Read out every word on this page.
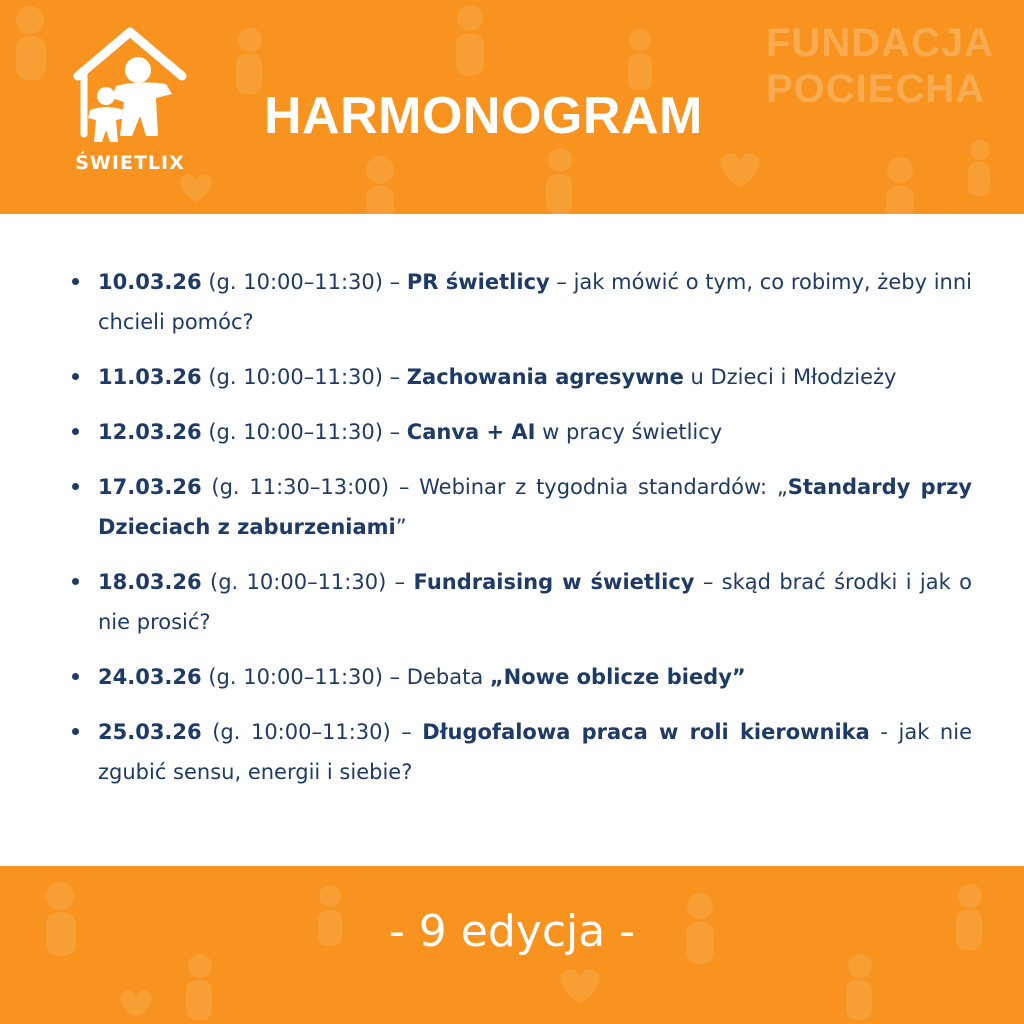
ŚWIETLIX
HARMONOGRAM
FUNDACJA
POCIECHA
10.03.26 (g. 10:00–11:30) – PR świetlicy – jak mówić o tym, co robimy, żeby inni chcieli pomóc?
11.03.26 (g. 10:00–11:30) – Zachowania agresywne u Dzieci i Młodzieży
12.03.26 (g. 10:00–11:30) – Canva + AI w pracy świetlicy
17.03.26 (g. 11:30–13:00) – Webinar z tygodnia standardów: „Standardy przy Dzieciach z zaburzeniami”
18.03.26 (g. 10:00–11:30) – Fundraising w świetlicy – skąd brać środki i jak o nie prosić?
24.03.26 (g. 10:00–11:30) – Debata „Nowe oblicze biedy”
25.03.26 (g. 10:00–11:30) – Długofalowa praca w roli kierownika - jak nie zgubić sensu, energii i siebie?
- 9 edycja -
